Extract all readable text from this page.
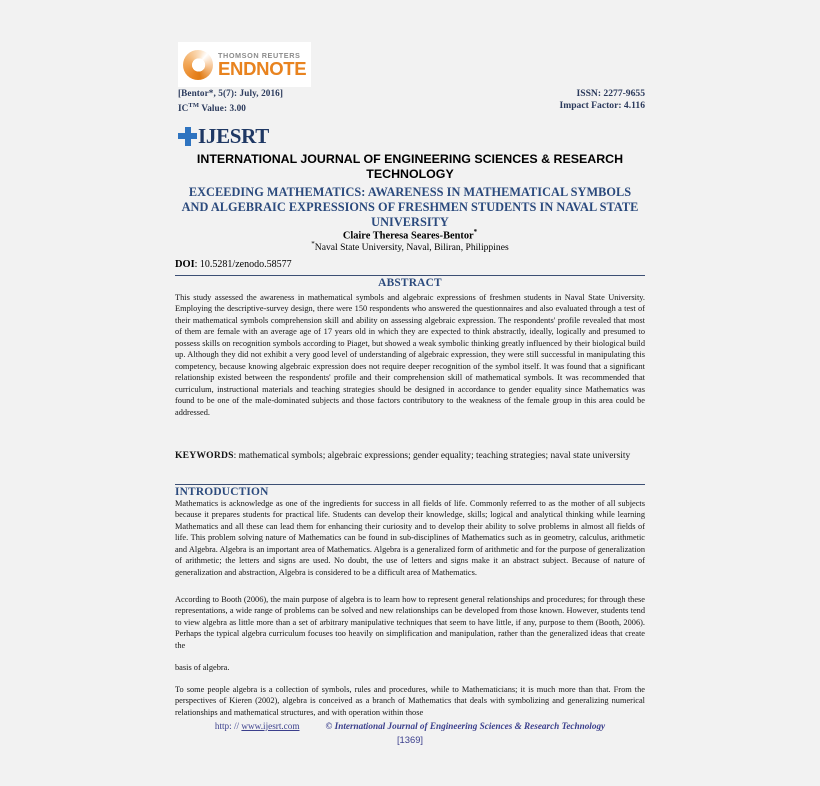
THOMSON REUTERS
ENDNOTE
[Bentor*, 5(7): July, 2016]
IC™ Value: 3.00
ISSN: 2277-9655
Impact Factor: 4.116
IJESRT
INTERNATIONAL JOURNAL OF ENGINEERING SCIENCES & RESEARCH TECHNOLOGY
EXCEEDING MATHEMATICS: AWARENESS IN MATHEMATICAL SYMBOLS AND ALGEBRAIC EXPRESSIONS OF FRESHMEN STUDENTS IN NAVAL STATE UNIVERSITY
Claire Theresa Seares-Bentor*
*Naval State University, Naval, Biliran, Philippines
DOI: 10.5281/zenodo.58577
ABSTRACT
This study assessed the awareness in mathematical symbols and algebraic expressions of freshmen students in Naval State University. Employing the descriptive-survey design, there were 150 respondents who answered the questionnaires and also evaluated through a test of their mathematical symbols comprehension skill and ability on assessing algebraic expression. The respondents' profile revealed that most of them are female with an average age of 17 years old in which they are expected to think abstractly, ideally, logically and presumed to possess skills on recognition symbols according to Piaget, but showed a weak symbolic thinking greatly influenced by their biological build up. Although they did not exhibit a very good level of understanding of algebraic expression, they were still successful in manipulating this competency, because knowing algebraic expression does not require deeper recognition of the symbol itself. It was found that a significant relationship existed between the respondents' profile and their comprehension skill of mathematical symbols. It was recommended that curriculum, instructional materials and teaching strategies should be designed in accordance to gender equality since Mathematics was found to be one of the male-dominated subjects and those factors contributory to the weakness of the female group in this area could be addressed.
KEYWORDS: mathematical symbols; algebraic expressions; gender equality; teaching strategies; naval state university
INTRODUCTION
Mathematics is acknowledge as one of the ingredients for success in all fields of life. Commonly referred to as the mother of all subjects because it prepares students for practical life. Students can develop their knowledge, skills; logical and analytical thinking while learning Mathematics and all these can lead them for enhancing their curiosity and to develop their ability to solve problems in almost all fields of life. This problem solving nature of Mathematics can be found in sub-disciplines of Mathematics such as in geometry, calculus, arithmetic and Algebra. Algebra is an important area of Mathematics. Algebra is a generalized form of arithmetic and for the purpose of generalization of arithmetic; the letters and signs are used. No doubt, the use of letters and signs make it an abstract subject. Because of nature of generalization and abstraction, Algebra is considered to be a difficult area of Mathematics.
According to Booth (2006), the main purpose of algebra is to learn how to represent general relationships and procedures; for through these representations, a wide range of problems can be solved and new relationships can be developed from those known. However, students tend to view algebra as little more than a set of arbitrary manipulative techniques that seem to have little, if any, purpose to them (Booth, 2006). Perhaps the typical algebra curriculum focuses too heavily on simplification and manipulation, rather than the generalized ideas that create the
basis of algebra.
To some people algebra is a collection of symbols, rules and procedures, while to Mathematicians; it is much more than that. From the perspectives of Kieren (2002), algebra is conceived as a branch of Mathematics that deals with symbolizing and generalizing numerical relationships and mathematical structures, and with operation within those
http: // www.ijesrt.com	© International Journal of Engineering Sciences & Research Technology
[1369]
